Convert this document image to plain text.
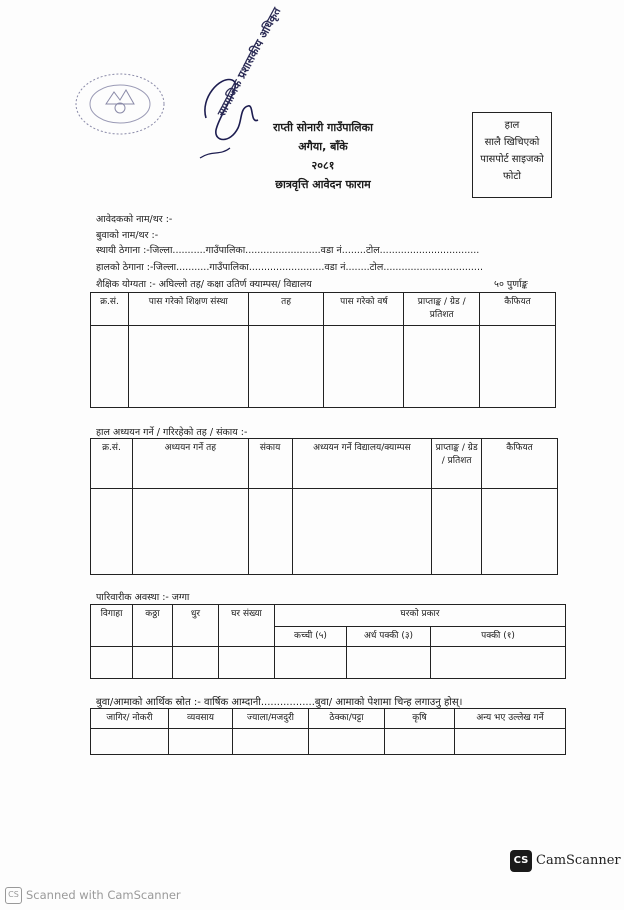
सामाजिक प्रशासकीय अधिकृत
राप्ती सोनारी गाउँपालिका
अगैया, बाँके
२०८१
छात्रवृत्ति आवेदन फाराम
हाल
सालै खिचिएको
पासपोर्ट साइजको
फोटो
आवेदकको नाम/थर :-
बुवाको नाम/थर :-
स्थायी ठेगाना :-जिल्ला...........गाउँपालिका.........................वडा नं........टोल.................................
हालको ठेगाना :-जिल्ला...........गाउँपालिका.........................वडा नं........टोल.................................
शैक्षिक योग्यता :- अघिल्लो तह/ कक्षा उतिर्ण क्याम्पस/ विद्यालय	५० पुर्णाङ्क
क्र.सं.	पास गरेको शिक्षण संस्था	तह	पास गरेको वर्ष	प्राप्ताङ्क / ग्रेड / प्रतिशत	कैफियत

हाल अध्ययन गर्ने / गरिरहेको तह / संकाय :-
क्र.सं.	अध्ययन गर्ने तह	संकाय	अध्ययन गर्ने विद्यालय/क्याम्पस	प्राप्ताङ्क / ग्रेड / प्रतिशत	कैफियत

पारिवारीक अवस्था :- जग्गा
विगाहा	कठ्ठा	धुर	घर संख्या	घरको प्रकार		
				कच्ची (५)	अर्ध पक्की (३)	पक्की (१)

बुवा/आमाको आर्थिक स्रोत :- वार्षिक आम्दानी.................बुवा/ आमाको पेशामा चिन्ह लगाउनु होस्।
जागिर/ नोकरी	व्यवसाय	ज्याला/मजदुरी	ठेक्का/पट्टा	कृषि	अन्य भए उल्लेख गर्ने

CS CamScanner
CS Scanned with CamScanner
